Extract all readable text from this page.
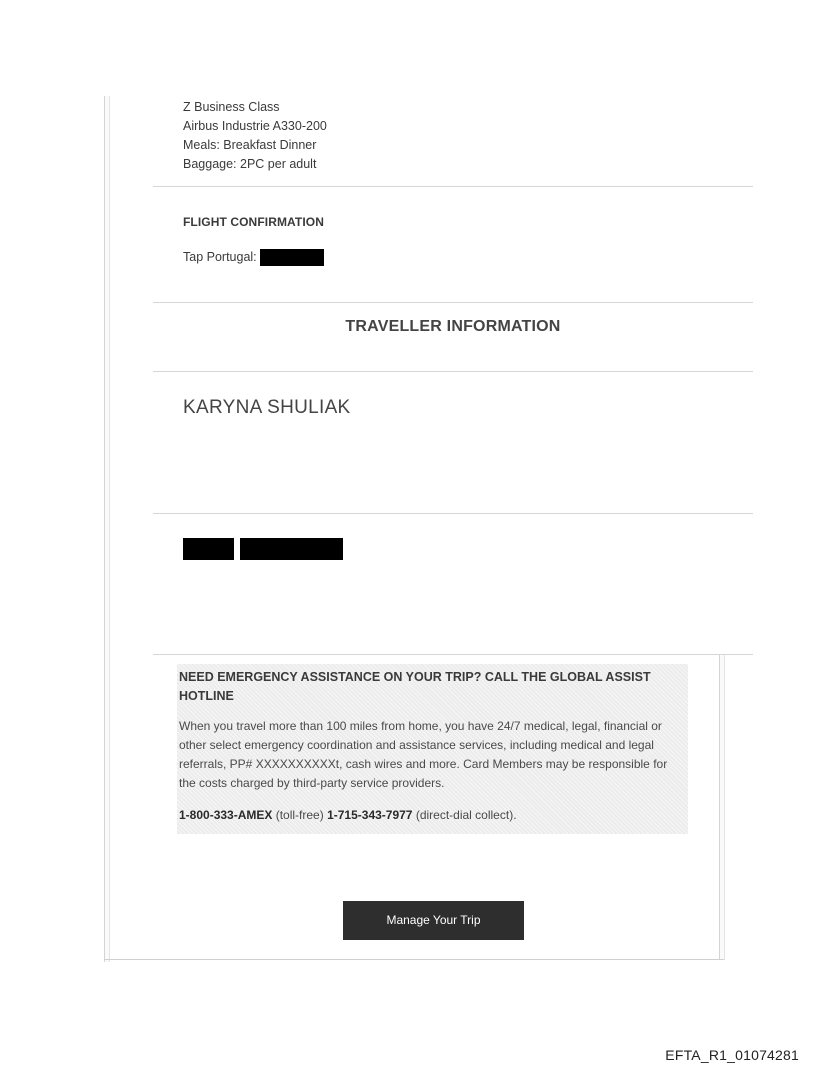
Z Business Class
Airbus Industrie A330-200
Meals: Breakfast Dinner
Baggage: 2PC per adult
FLIGHT CONFIRMATION
Tap Portugal:
TRAVELLER INFORMATION
KARYNA SHULIAK
NEED EMERGENCY ASSISTANCE ON YOUR TRIP? CALL THE GLOBAL ASSIST HOTLINE
When you travel more than 100 miles from home, you have 24/7 medical, legal, financial or other select emergency coordination and assistance services, including medical and legal referrals, PP# XXXXXXXXXXt, cash wires and more. Card Members may be responsible for the costs charged by third-party service providers.
1-800-333-AMEX (toll-free) 1-715-343-7977 (direct-dial collect).
Manage Your Trip
EFTA_R1_01074281
